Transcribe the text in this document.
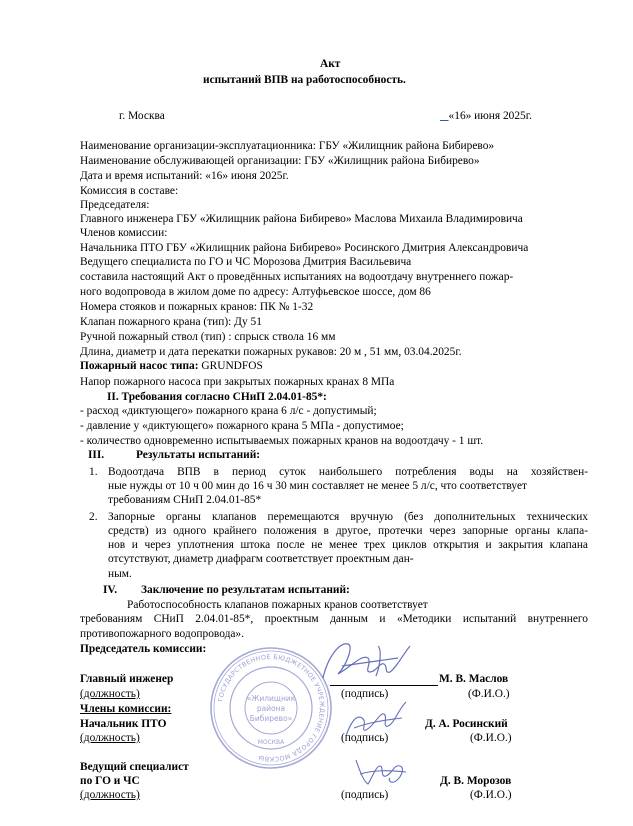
Акт
испытаний ВПВ на работоспособность.
г. Москва	«16» июня 2025г.
Наименование организации-эксплуатационника: ГБУ «Жилищник района Бибирево»
Наименование обслуживающей организации: ГБУ «Жилищник района Бибирево»
Дата и время испытаний: «16» июня 2025г.
Комиссия в составе:
Председателя:
Главного инженера ГБУ «Жилищник района Бибирево» Маслова Михаила Владимировича
Членов комиссии:
Начальника ПТО ГБУ «Жилищник района Бибирево» Росинского Дмитрия Александровича
Ведущего специалиста по ГО и ЧС Морозова Дмитрия Васильевича
составила настоящий Акт о проведённых испытаниях на водоотдачу внутреннего пожар-
ного водопровода в жилом доме по адресу: Алтуфьевское шоссе, дом 86
Номера стояков и пожарных кранов: ПК № 1-32
Клапан пожарного крана (тип): Ду 51
Ручной пожарный ствол (тип) : спрыск ствола 16 мм
Длина, диаметр и дата перекатки пожарных рукавов: 20 м , 51 мм, 03.04.2025г.
Пожарный насос типа: GRUNDFOS
Напор пожарного насоса при закрытых пожарных кранах 8 МПа
II. Требования согласно СНиП 2.04.01-85*:
- расход «диктующего» пожарного крана 6 л/с - допустимый;
- давление у «диктующего» пожарного крана 5 МПа - допустимое;
- количество одновременно испытываемых пожарных кранов на водоотдачу - 1 шт.
III.	Результаты испытаний:
1. Водоотдача ВПВ в период суток наибольшего потребления воды на хозяйствен-
ные нужды от 10 ч 00 мин до 16 ч 30 мин составляет не менее 5 л/с, что соответствует
требованиям СНиП 2.04.01-85*
2. Запорные органы клапанов перемещаются вручную (без дополнительных технических
средств) из одного крайнего положения в другое, протечки через запорные органы клапа-
нов и через уплотнения штока после не менее трех циклов открытия и закрытия клапана
отсутствуют, диаметр диафрагм соответствует проектным дан-
ным.
IV. Заключение по результатам испытаний:
Работоспособность клапанов пожарных кранов соответствует
требованиям СНиП 2.04.01-85*, проектным данным и «Методики испытаний внутреннего
противопожарного водопровода».
Председатель комиссии:
ГОСУДАРСТВЕННОЕ БЮДЖЕТНОЕ УЧРЕЖДЕНИЕ ГОРОДА МОСКВЫ
«Жилищник
района
Бибирево»
МОСКВА
Главный инженер	М. В. Маслов
(должность)	(подпись)	(Ф.И.О.)
Члены комиссии:
Начальник ПТО	Д. А. Росинский
(должность)	(подпись)	(Ф.И.О.)
Ведущий специалист
по ГО и ЧС	Д. В. Морозов
(должность)	(подпись)	(Ф.И.О.)
